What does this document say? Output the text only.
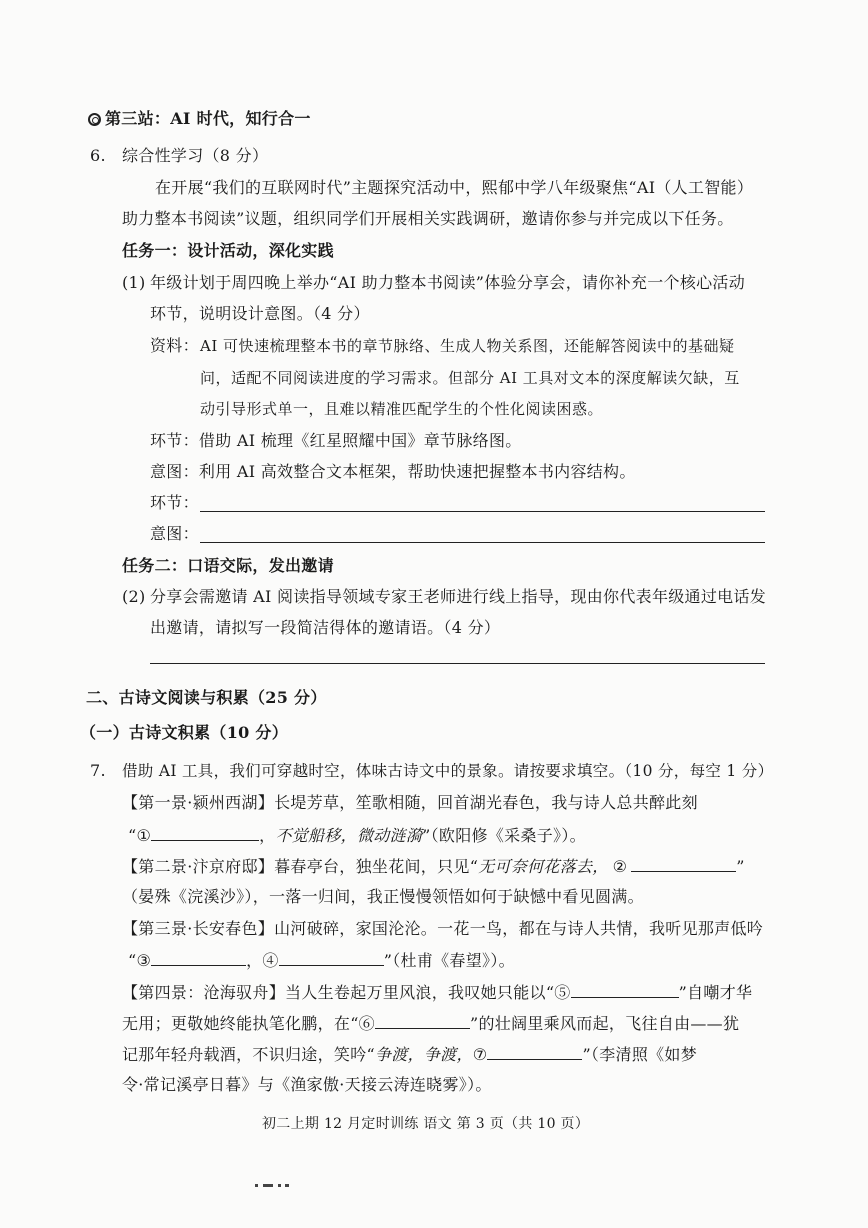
第三站：AI 时代，知行合一
6. 综合性学习（8 分）
在开展“我们的互联网时代”主题探究活动中，熙郁中学八年级聚焦“AI（人工智能）
助力整本书阅读”议题，组织同学们开展相关实践调研，邀请你参与并完成以下任务。
任务一：设计活动，深化实践
(1) 年级计划于周四晚上举办“AI 助力整本书阅读”体验分享会，请你补充一个核心活动
环节，说明设计意图。（4 分）
资料： AI 可快速梳理整本书的章节脉络、生成人物关系图，还能解答阅读中的基础疑
问，适配不同阅读进度的学习需求。但部分 AI 工具对文本的深度解读欠缺，互
动引导形式单一，且难以精准匹配学生的个性化阅读困惑。
环节：借助 AI 梳理《红星照耀中国》章节脉络图。
意图：利用 AI 高效整合文本框架，帮助快速把握整本书内容结构。
环节：
意图：
任务二：口语交际，发出邀请
(2) 分享会需邀请 AI 阅读指导领域专家王老师进行线上指导，现由你代表年级通过电话发
出邀请，请拟写一段简洁得体的邀请语。（4 分）
二、古诗文阅读与积累（25 分）
（一）古诗文积累（10 分）
7. 借助 AI 工具，我们可穿越时空，体味古诗文中的景象。请按要求填空。（10 分，每空 1 分）
【第一景·颍州西湖】长堤芳草，笙歌相随，回首湖光春色，我与诗人总共醉此刻
“①	，不觉船移，微动涟漪”（欧阳修《采桑子》）。
【第二景·汴京府邸】暮春亭台，独坐花间，只见“无可奈何花落去， ②	”
（晏殊《浣溪沙》），一落一归间，我正慢慢领悟如何于缺憾中看见圆满。
【第三景·长安春色】山河破碎，家国沦沦。一花一鸟，都在与诗人共情，我听见那声低吟
“③	，④	”（杜甫《春望》）。
【第四景：沧海驭舟】当人生卷起万里风浪，我叹她只能以“⑤	”自嘲才华
无用；更敬她终能执笔化鹏，在“⑥	”的壮阔里乘风而起，飞往自由——犹
记那年轻舟载酒，不识归途，笑吟“争渡，争渡，⑦	”（李清照《如梦
令·常记溪亭日暮》与《渔家傲·天接云涛连晓雾》）。
初二上期 12 月定时训练 语文 第 3 页（共 10 页）
